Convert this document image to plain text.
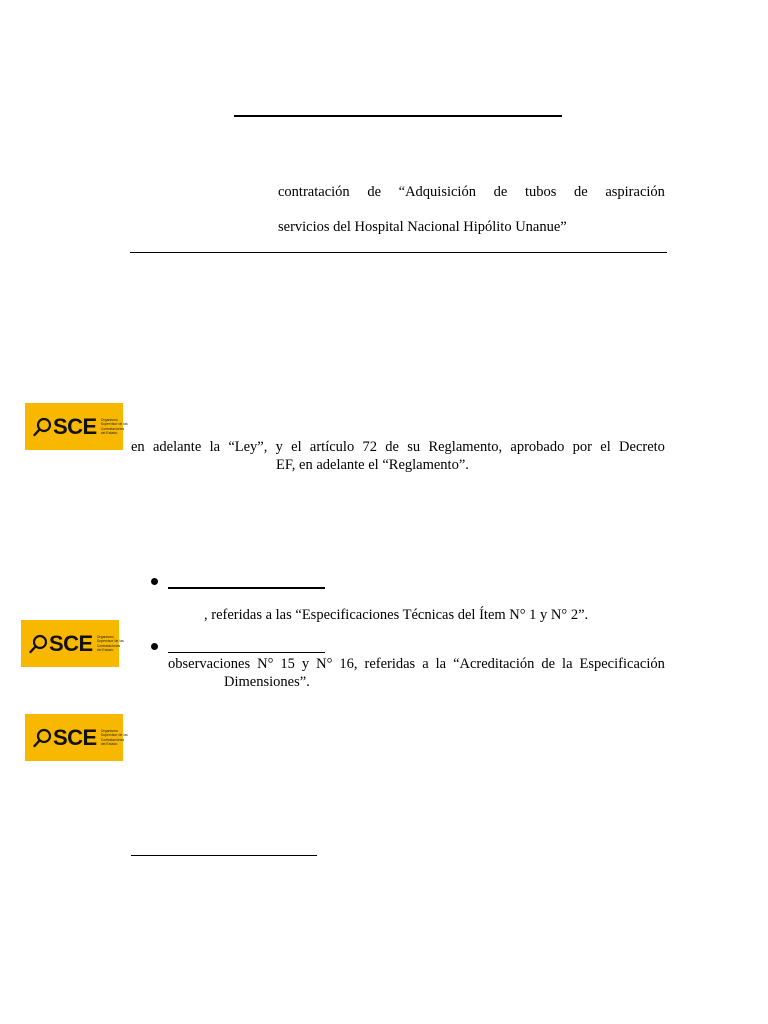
contratación de “Adquisición de tubos de aspiración
servicios del Hospital Nacional Hipólito Unanue”
SCE Organismo Supervisor de las Contrataciones del Estado
en adelante la “Ley”, y el artículo 72 de su Reglamento, aprobado por el Decreto
EF, en adelante el “Reglamento”.
, referidas a las “Especificaciones Técnicas del Ítem N° 1 y N° 2”.
SCE Organismo Supervisor de las Contrataciones del Estado
observaciones N° 15 y N° 16, referidas a la “Acreditación de la Especificación
Dimensiones”.
SCE Organismo Supervisor de las Contrataciones del Estado
